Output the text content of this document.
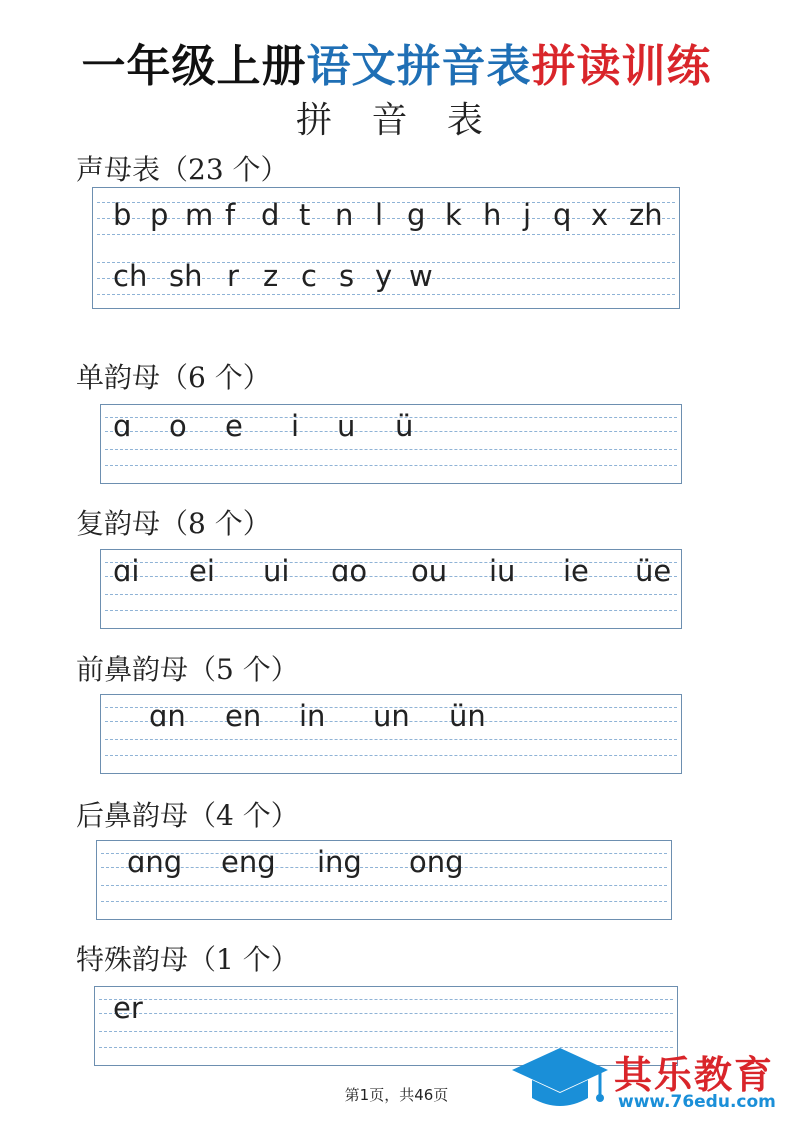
一年级上册语文拼音表拼读训练
拼 音 表
声母表（23 个）
b p m f d t n l g k h j q x zh
ch sh r z c s y w
单韵母（6 个）
ɑ o e i u ü
复韵母（8 个）
ɑi ei ui ɑo ou iu ie üe
前鼻韵母（5 个）
ɑn en in un ün
后鼻韵母（4 个）
ɑng eng ing ong
特殊韵母（1 个）
er
第1页，共46页	其乐教育
www.76edu.com
